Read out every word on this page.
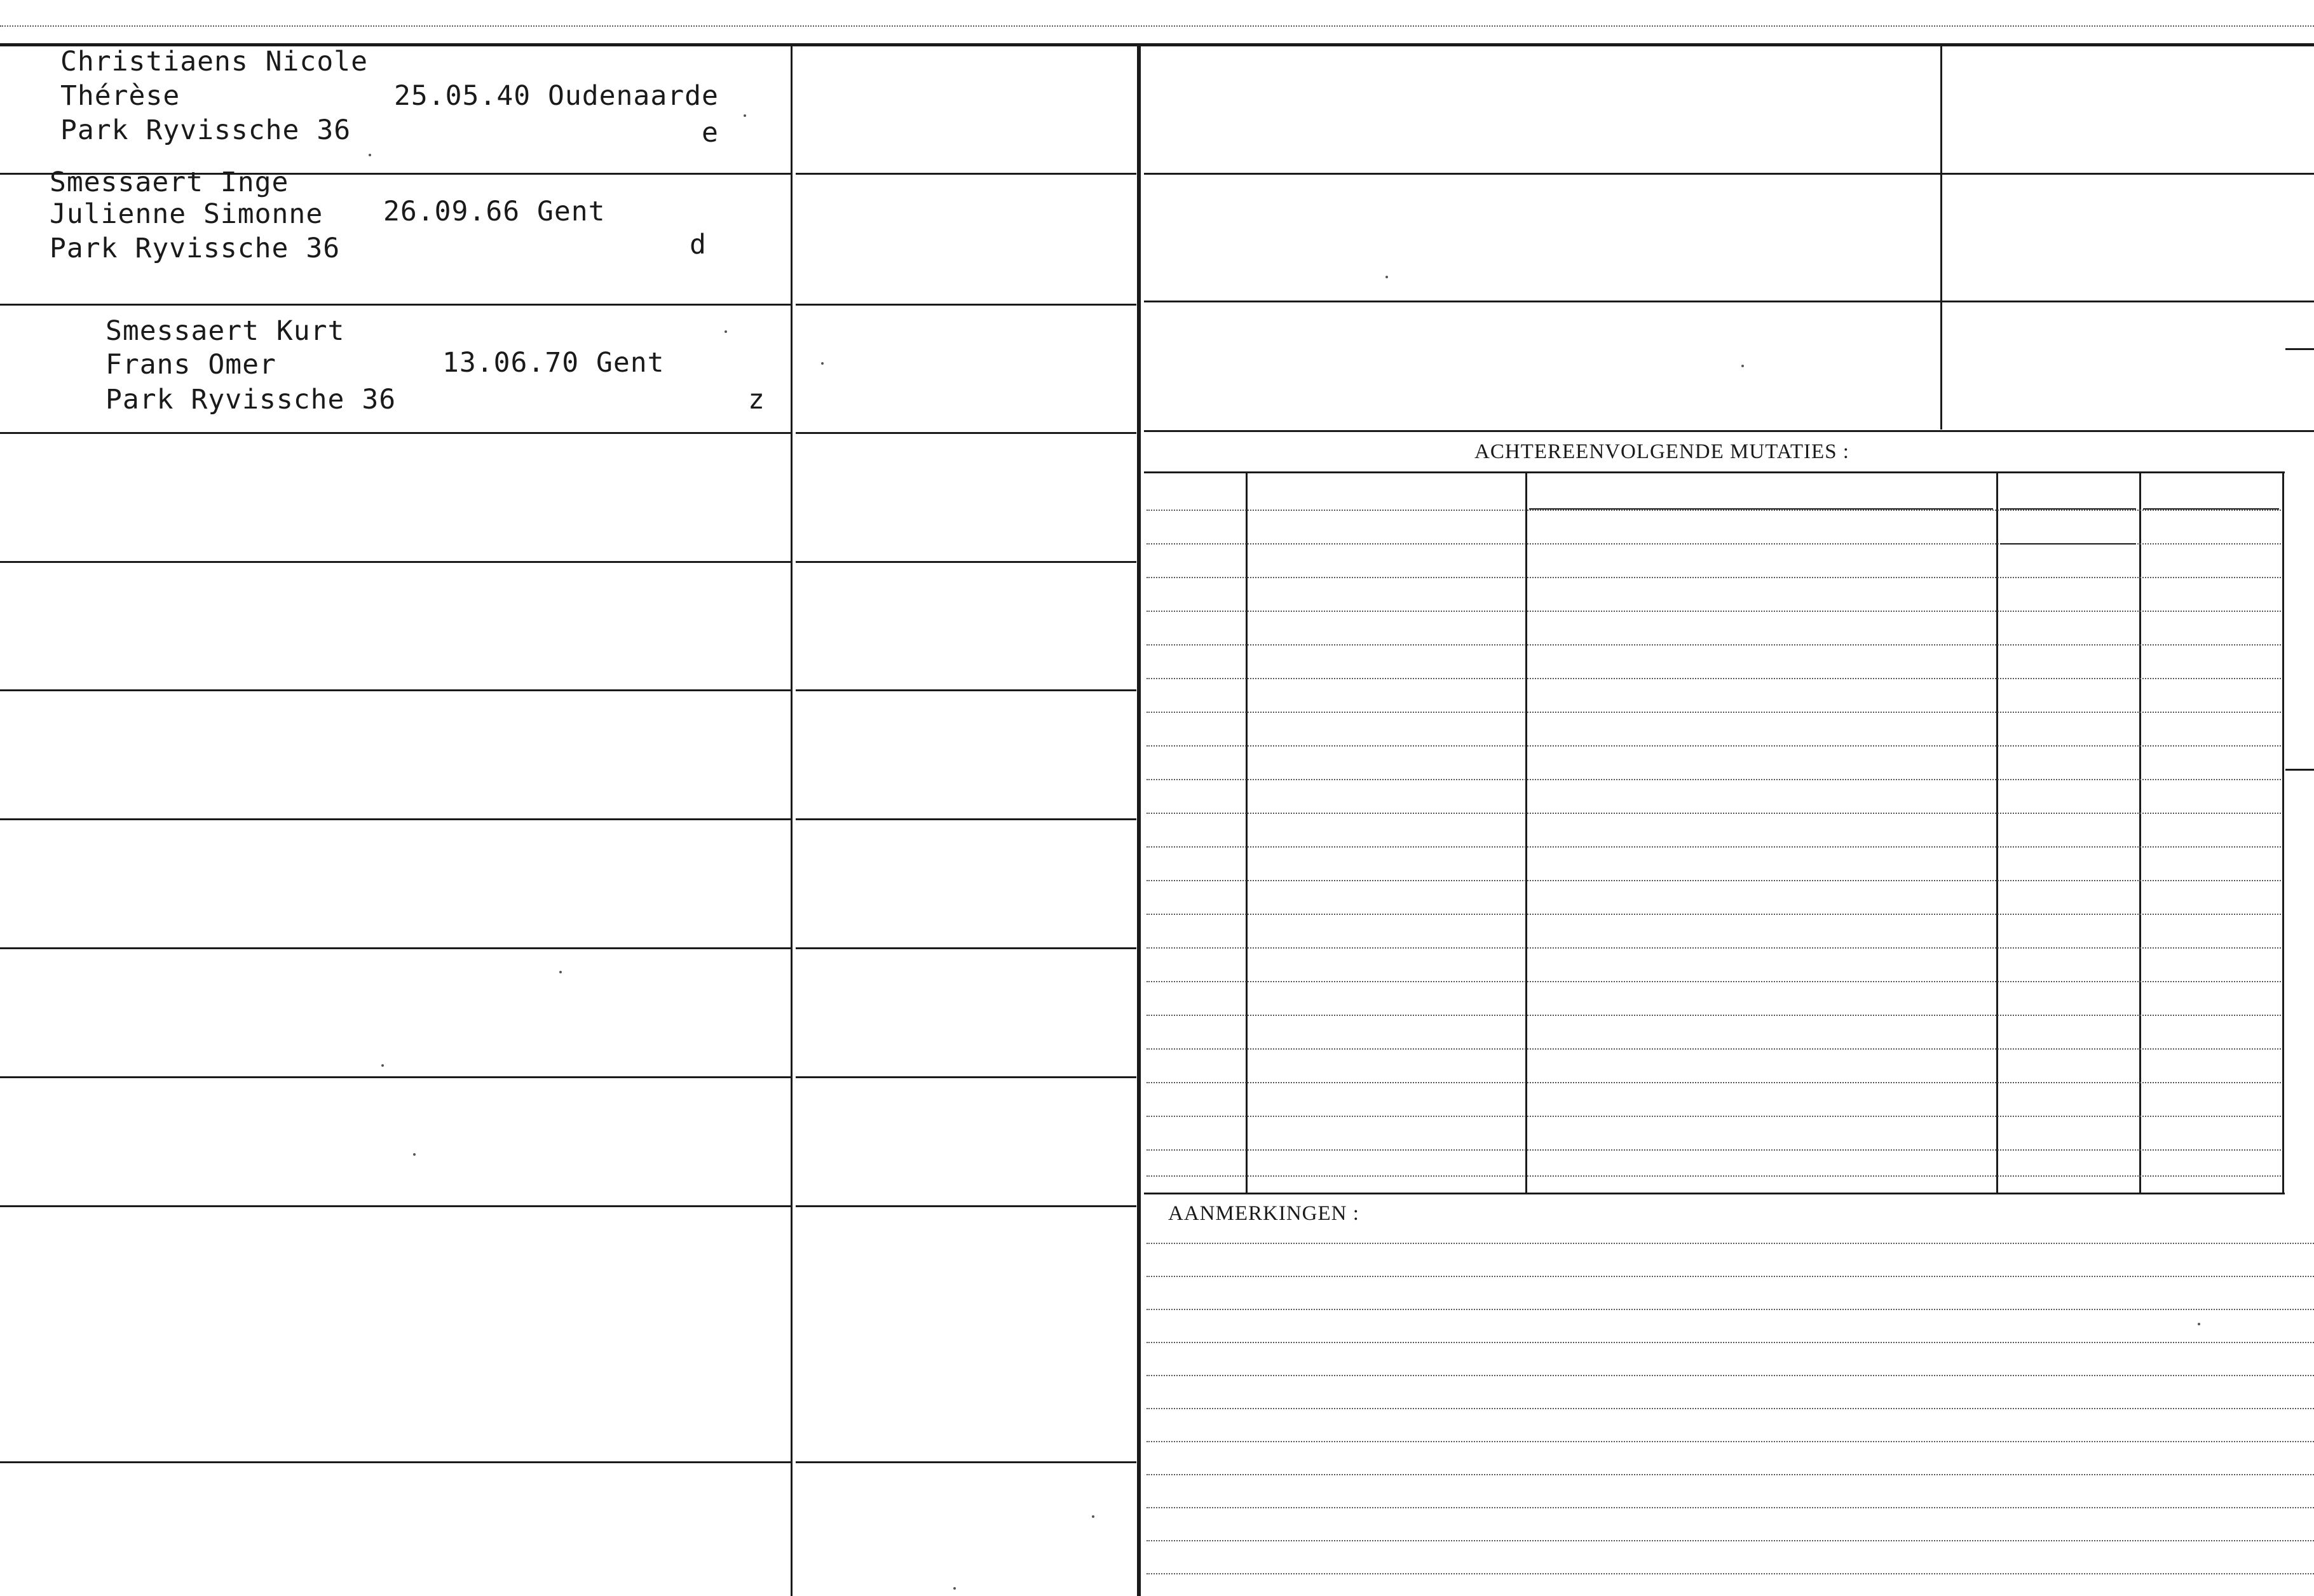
Christiaens Nicole
Thérèse
Park Ryvissche 36
25.05.40 Oudenaarde
e
Smessaert Inge
Julienne Simonne
Park Ryvissche 36
26.09.66 Gent
d
Smessaert Kurt
Frans Omer
Park Ryvissche 36
13.06.70 Gent
z
ACHTEREENVOLGENDE MUTATIES :
AANMERKINGEN :
